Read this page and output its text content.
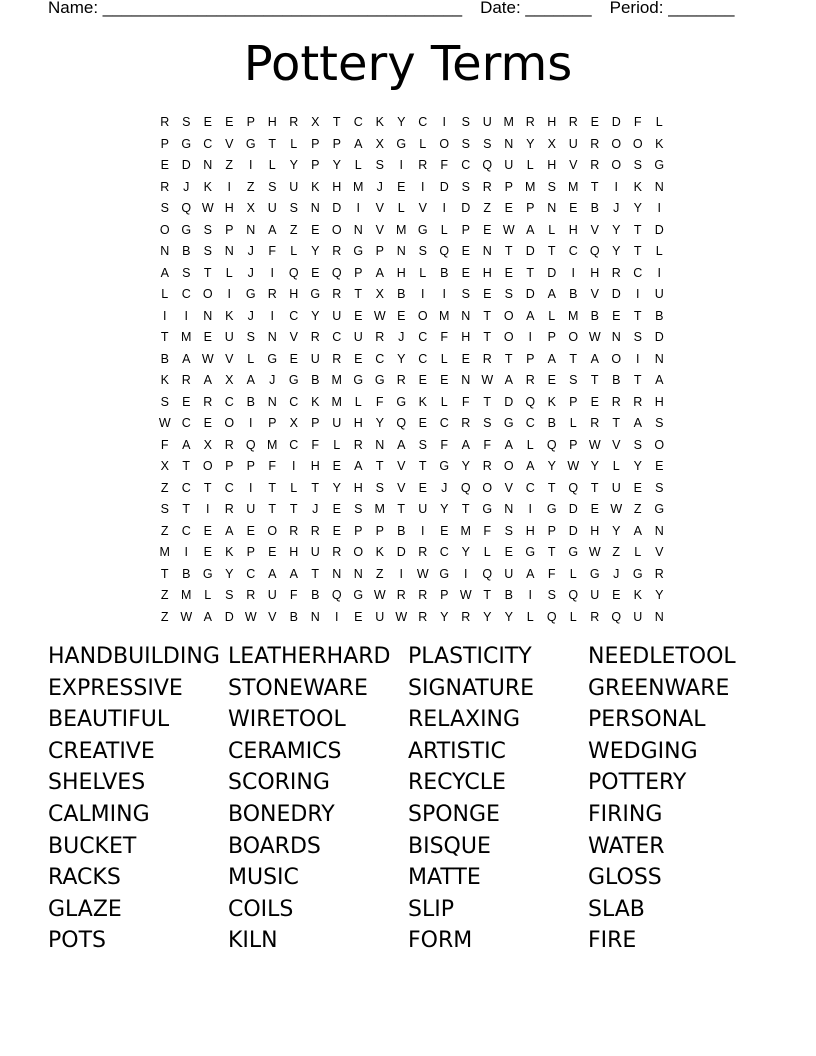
Name: ______________________________________ Date: _______ Period: _______
Pottery Terms
R	S	E	E	P	H R	X	T	C	K	Y	C	I	S	U M R H R	E	D	F	L
P G C	V G	T	L	P	P	A	X G	L	O S	S	N	Y	X	U R O O K
E	D N	Z	I	L	Y	P	Y	L	S	I	R	F	C Q U	L	H	V	R O S G
R	J	K	I	Z	S	U	K	H M	J	E	I	D	S	R	P M S M T	I	K	N
S Q W H	X	U	S	N D	I	V	L	V	I	D	Z	E	P	N	E	B	J	Y	I
O G S	P	N	A	Z	E O N	V M G	L	P	E W A	L	H	V	Y	T	D
N	B	S	N	J	F	L	Y	R G P	N	S Q E	N	T	D	T	C Q Y	T	L
A	S	T	L	J	I	Q E Q P	A	H	L	B	E	H	E	T	D	I	H R C	I
L	C O	I	G R H G R	T	X	B	I	I	S	E	S	D	A	B	V	D	I	U
I	I	N	K	J	I	C	Y	U	E W E O M N	T	O A	L	M B	E	T	B
T M E	U	S	N	V	R C U R	J	C	F	H	T	O	I	P O W N	S	D
B	A W V	L	G E	U R	E	C	Y	C	L	E	R	T	P	A	T	A O	I	N
K	R	A	X	A	J	G B M G G R	E	E	N W A	R	E	S	T	B	T	A
S	E	R C	B	N C	K M	L	F	G K	L	F	T	D Q K	P	E	R R H
W C	E O	I	P	X	P	U H	Y Q E	C R	S G C	B	L	R	T	A	S
F	A	X	R Q M C	F	L	R N	A	S	F	A	F	A	L	Q P W V	S O
X	T	O P	P	F	I	H	E	A	T	V	T	G Y	R O A	Y W Y	L	Y	E
Z	C	T	C	I	T	L	T	Y	H	S	V	E	J	Q O V	C	T	Q	T	U	E	S
S	T	I	R U	T	T	J	E	S M T	U	Y	T	G N	I	G D	E W Z	G
Z	C	E	A	E O R R	E	P	P	B	I	E M F	S	H	P	D H	Y	A	N
M	I	E	K	P	E	H U R O K	D R C	Y	L	E G	T	G W Z	L	V
T	B G Y	C	A	A	T	N N	Z	I	W G	I	Q U	A	F	L	G	J	G R
Z M	L	S	R U	F	B Q G W R R	P W T	B	I	S Q U	E	K	Y
Z W A	D W V	B	N	I	E	U W R	Y	R	Y	Y	L	Q	L	R Q U N
HANDBUILDING LEATHERHARD PLASTICITY	NEEDLETOOL
EXPRESSIVE	STONEWARE	SIGNATURE	GREENWARE
BEAUTIFUL	WIRETOOL	RELAXING	PERSONAL
CREATIVE	CERAMICS	ARTISTIC	WEDGING
SHELVES	SCORING	RECYCLE	POTTERY
CALMING	BONEDRY	SPONGE	FIRING
BUCKET	BOARDS	BISQUE	WATER
RACKS	MUSIC	MATTE	GLOSS
GLAZE	COILS	SLIP	SLAB
POTS	KILN	FORM	FIRE
